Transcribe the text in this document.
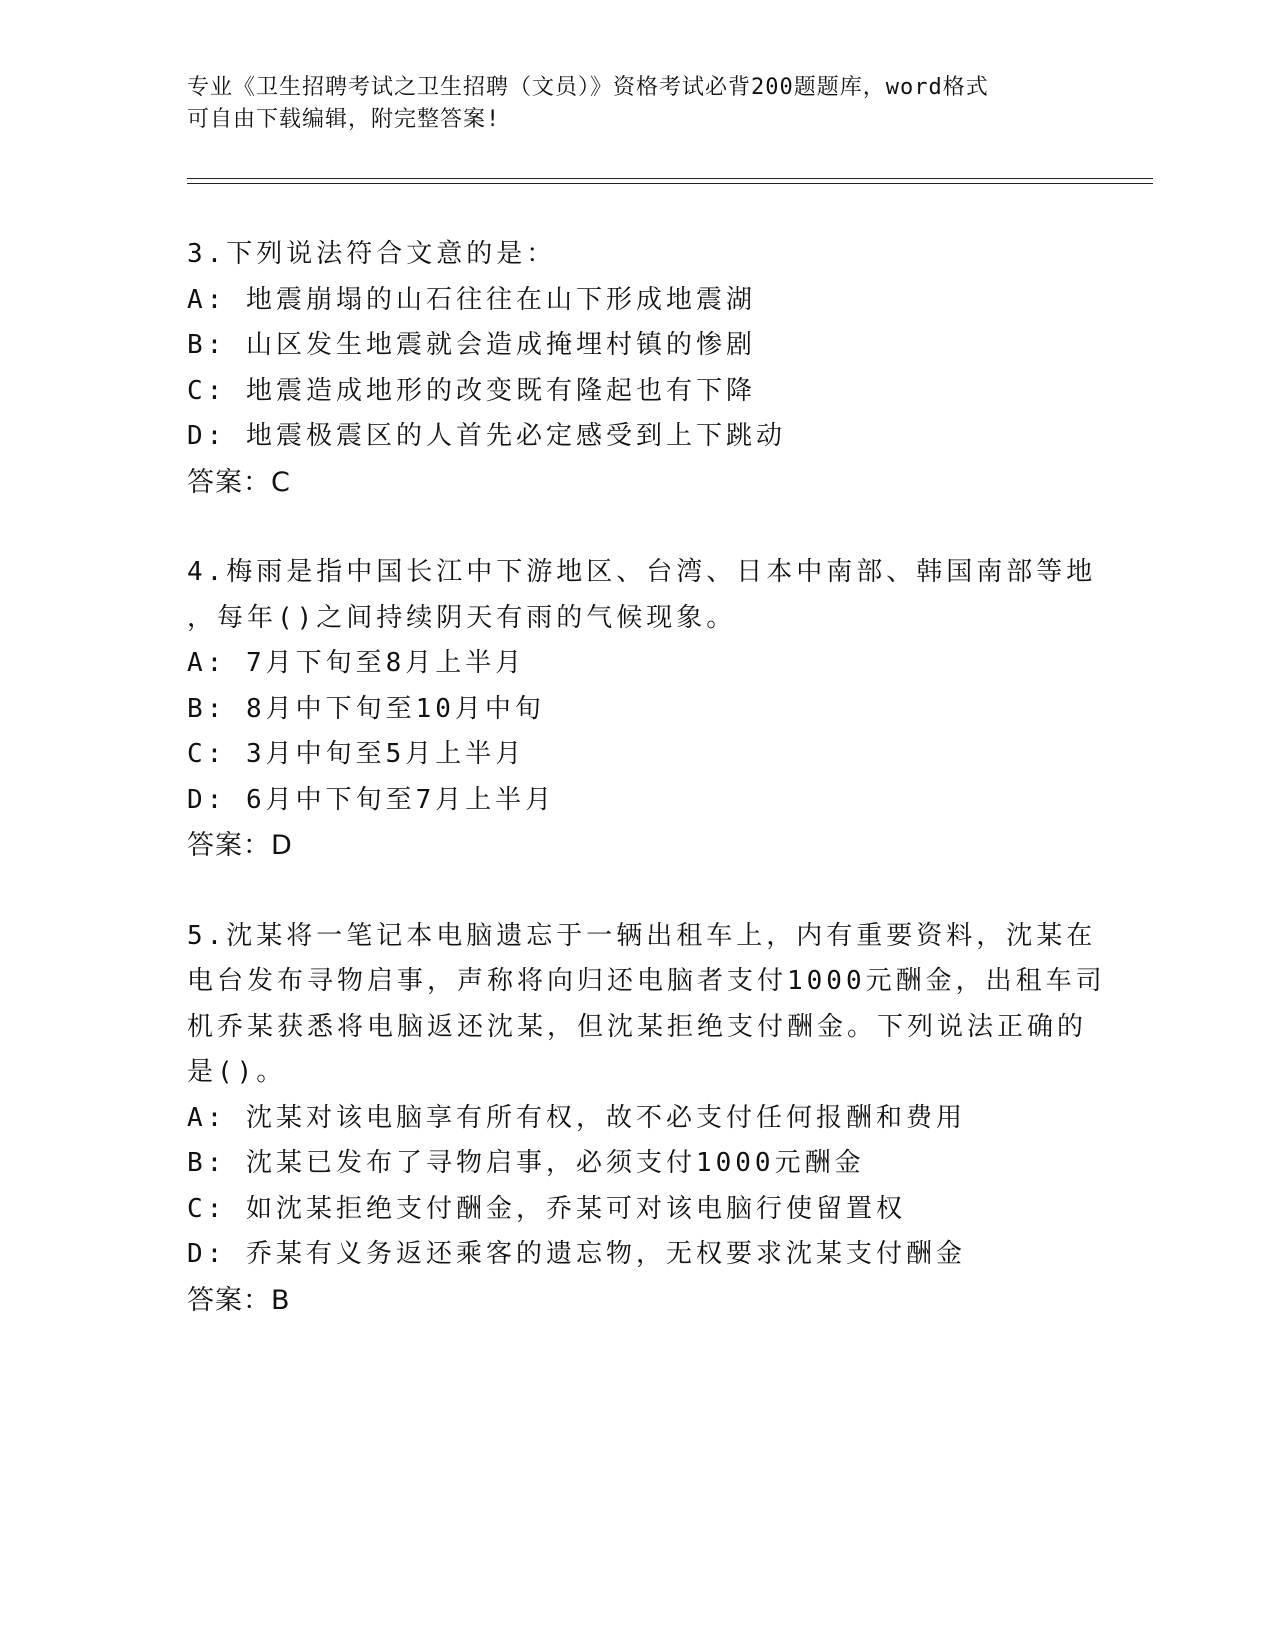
专业《卫生招聘考试之卫生招聘（文员）》资格考试必背200题题库，word格式
可自由下载编辑，附完整答案!
3.下列说法符合文意的是：
A: 地震崩塌的山石往往在山下形成地震湖
B: 山区发生地震就会造成掩埋村镇的惨剧
C: 地震造成地形的改变既有隆起也有下降
D: 地震极震区的人首先必定感受到上下跳动
答案：C
4.梅雨是指中国长江中下游地区、台湾、日本中南部、韩国南部等地
，每年()之间持续阴天有雨的气候现象。
A: 7月下旬至8月上半月
B: 8月中下旬至10月中旬
C: 3月中旬至5月上半月
D: 6月中下旬至7月上半月
答案：D
5.沈某将一笔记本电脑遗忘于一辆出租车上，内有重要资料，沈某在
电台发布寻物启事，声称将向归还电脑者支付1000元酬金，出租车司
机乔某获悉将电脑返还沈某，但沈某拒绝支付酬金。下列说法正确的
是()。
A: 沈某对该电脑享有所有权，故不必支付任何报酬和费用
B: 沈某已发布了寻物启事，必须支付1000元酬金
C: 如沈某拒绝支付酬金，乔某可对该电脑行使留置权
D: 乔某有义务返还乘客的遗忘物，无权要求沈某支付酬金
答案：B
